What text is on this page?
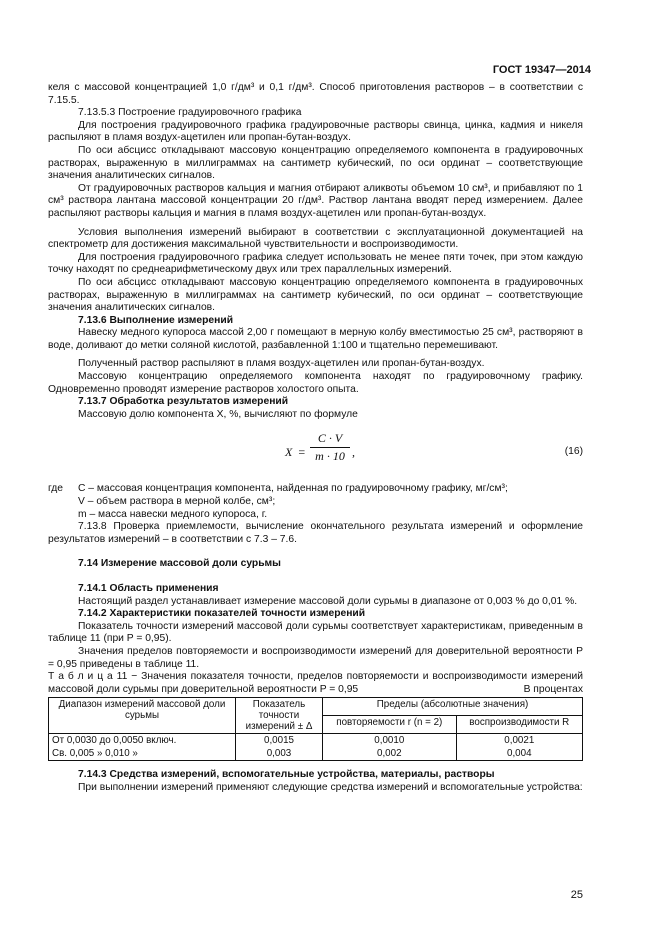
ГОСТ 19347—2014

келя с массовой концентрацией 1,0 г/дм³ и 0,1 г/дм³. Способ приготовления растворов – в соответствии с 7.15.5.

7.13.5.3 Построение градуировочного графика

Для построения градуировочного графика градуировочные растворы свинца, цинка, кадмия и никеля распыляют в пламя воздух-ацетилен или пропан-бутан-воздух.

По оси абсцисс откладывают массовую концентрацию определяемого компонента в градуировочных растворах, выраженную в миллиграммах на сантиметр кубический, по оси ординат – соответствующие значения аналитических сигналов.

От градуировочных растворов кальция и магния отбирают аликвоты объемом 10 см³, и прибавляют по 1 см³ раствора лантана массовой концентрации 20 г/дм³. Раствор лантана вводят перед измерением. Далее распыляют растворы кальция и магния в пламя воздух-ацетилен или пропан-бутан-воздух.

Условия выполнения измерений выбирают в соответствии с эксплуатационной документацией на спектрометр для достижения максимальной чувствительности и воспроизводимости.

Для построения градуировочного графика следует использовать не менее пяти точек, при этом каждую точку находят по среднеарифметическому двух или трех параллельных измерений.

По оси абсцисс откладывают массовую концентрацию определяемого компонента в градуировочных растворах, выраженную в миллиграммах на сантиметр кубический, по оси ординат – соответствующие значения аналитических сигналов.

7.13.6 Выполнение измерений

Навеску медного купороса массой 2,00 г помещают в мерную колбу вместимостью 25 см³, растворяют в воде, доливают до метки соляной кислотой, разбавленной 1:100 и тщательно перемешивают.

Полученный раствор распыляют в пламя воздух-ацетилен или пропан-бутан-воздух.

Массовую концентрацию определяемого компонента находят по градуировочному графику. Одновременно проводят измерение растворов холостого опыта.

7.13.7 Обработка результатов измерений

Массовую долю компонента X, %, вычисляют по формуле

$X = \frac{C \cdot V}{m \cdot 10}$ ,	(16)
где	C – массовая концентрация компонента, найденная по градуировочному графику, мг/см³;

V – объем раствора в мерной колбе, см³;

m – масса навески медного купороса, г.

7.13.8 Проверка приемлемости, вычисление окончательного результата измерений и оформление результатов измерений – в соответствии с 7.3 – 7.6.

7.14 Измерение массовой доли сурьмы

7.14.1 Область применения

Настоящий раздел устанавливает измерение массовой доли сурьмы в диапазоне от 0,003 % до 0,01 %.

7.14.2 Характеристики показателей точности измерений

Показатель точности измерений массовой доли сурьмы соответствует характеристикам, приведенным в таблице 11 (при P = 0,95).

Значения пределов повторяемости и воспроизводимости измерений для доверительной вероятности P = 0,95 приведены в таблице 11.

Т а б л и ц а 11 − Значения показателя точности, пределов повторяемости и воспроизводимости измерений массовой доли сурьмы при доверительной вероятности P = 0,95	В процентах

Диапазон измерений массовой доли сурьмы	Показатель точности измерений ± Δ	Пределы (абсолютные значения)	
		повторяемости r (n = 2)	воспроизводимости R
От 0,0030 до 0,0050 включ.	0,0015	0,0010	0,0021
Св. 0,005 » 0,010 »	0,003	0,002	0,004

7.14.3 Средства измерений, вспомогательные устройства, материалы, растворы

При выполнении измерений применяют следующие средства измерений и вспомогательные устройства:

25
